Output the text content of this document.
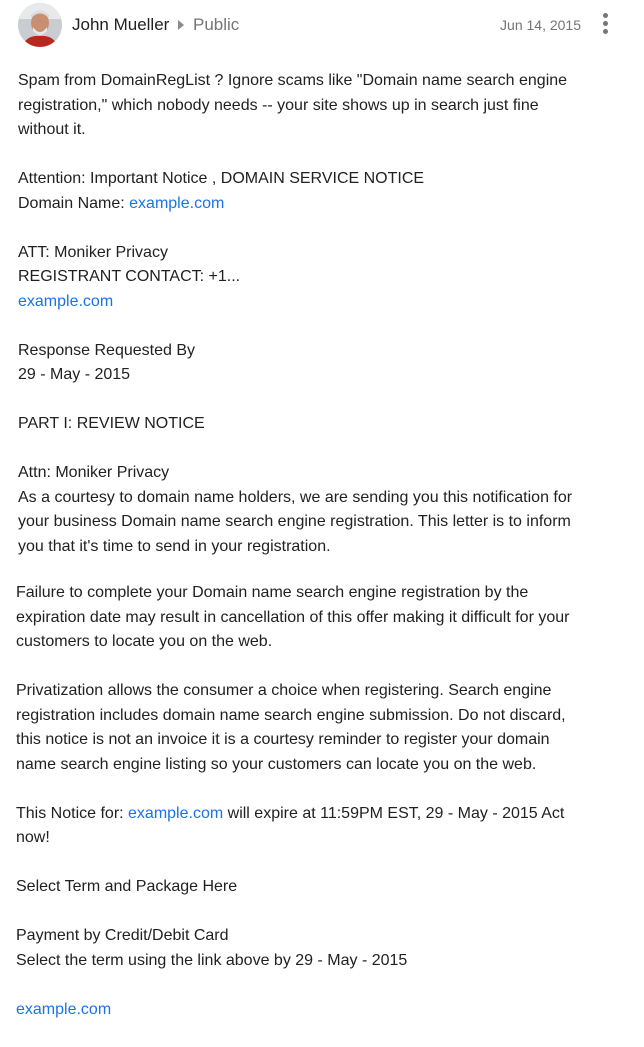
John Mueller Public	Jun 14, 2015

Spam from DomainRegList ? Ignore scams like "Domain name search engine
registration," which nobody needs -- your site shows up in search just fine
without it.

Attention: Important Notice , DOMAIN SERVICE NOTICE
Domain Name: example.com

ATT: Moniker Privacy
REGISTRANT CONTACT: +1...
example.com

Response Requested By
29 - May - 2015

PART I: REVIEW NOTICE

Attn: Moniker Privacy
As a courtesy to domain name holders, we are sending you this notification for
your business Domain name search engine registration. This letter is to inform
you that it's time to send in your registration.

Failure to complete your Domain name search engine registration by the
expiration date may result in cancellation of this offer making it difficult for your
customers to locate you on the web.

Privatization allows the consumer a choice when registering. Search engine
registration includes domain name search engine submission. Do not discard,
this notice is not an invoice it is a courtesy reminder to register your domain
name search engine listing so your customers can locate you on the web.

This Notice for: example.com will expire at 11:59PM EST, 29 - May - 2015 Act
now!

Select Term and Package Here

Payment by Credit/Debit Card
Select the term using the link above by 29 - May - 2015

example.com
